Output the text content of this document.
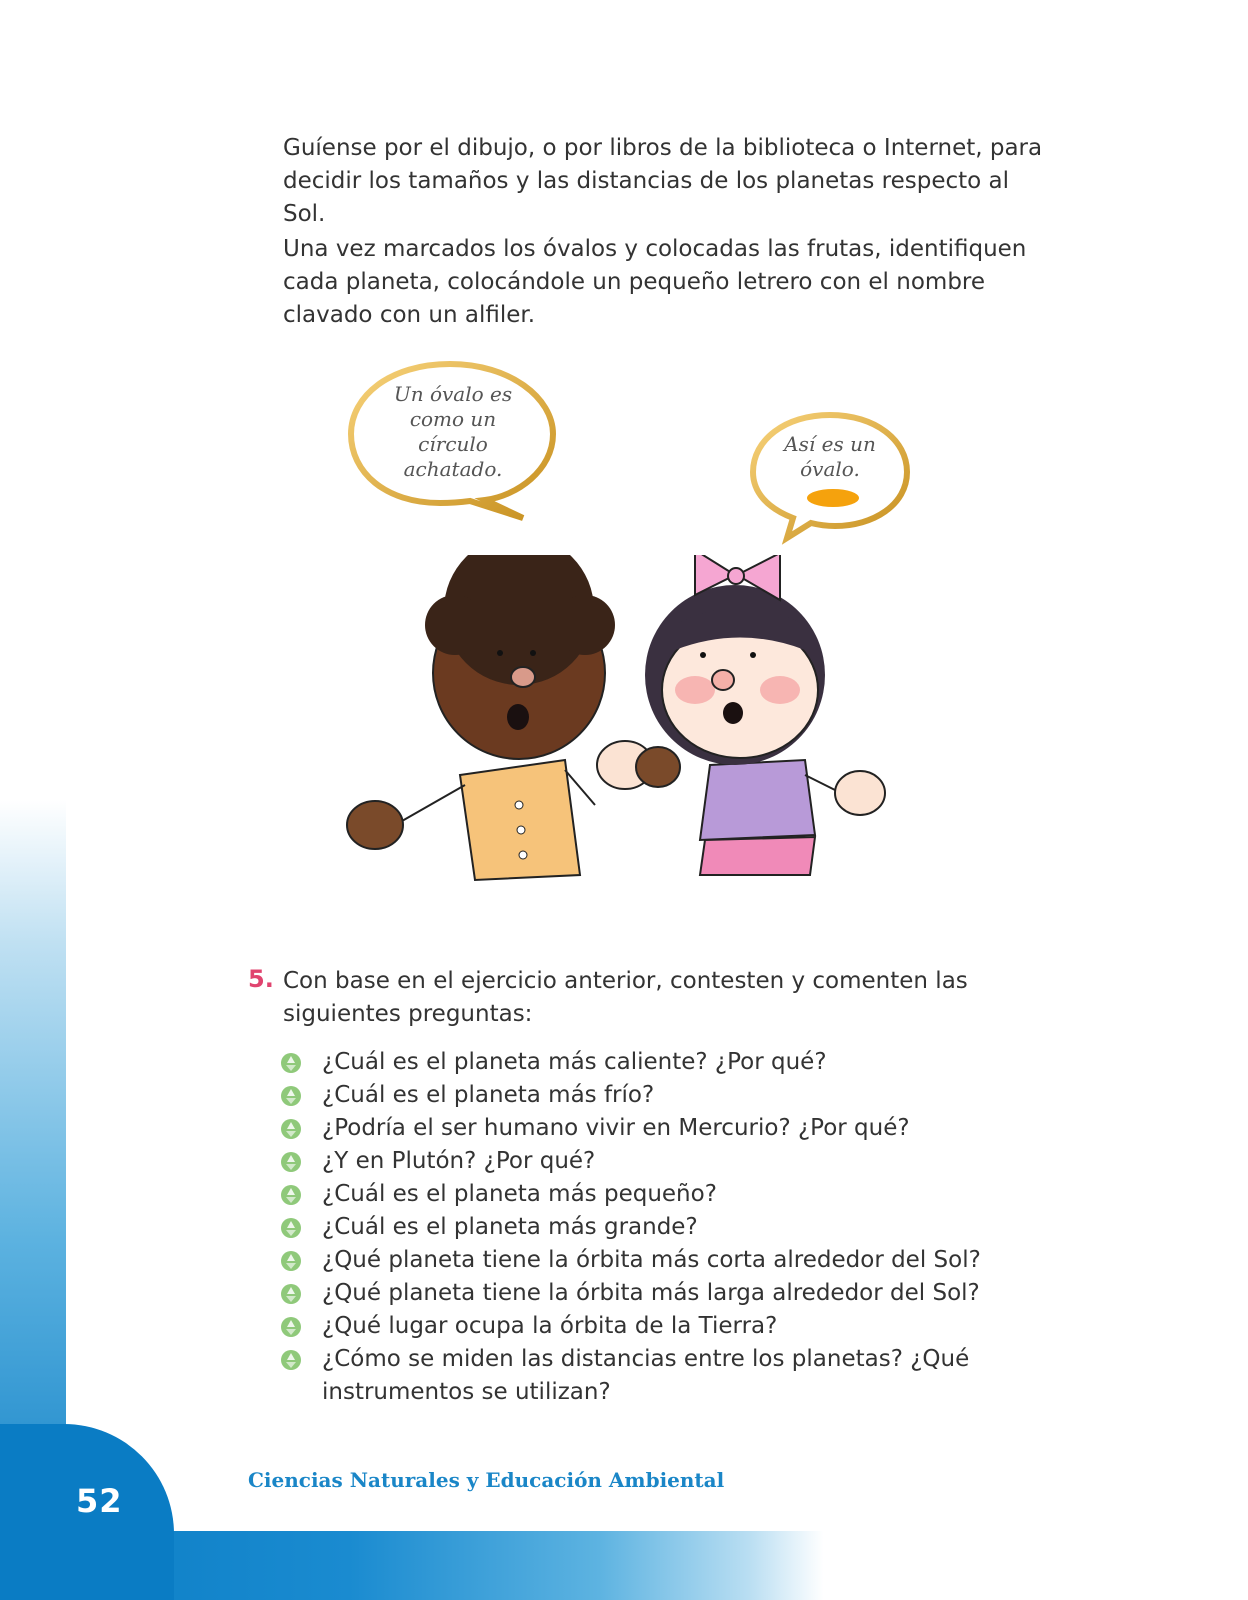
52
Ciencias Naturales y Educación Ambiental

Guíense por el dibujo, o por libros de la biblioteca o Internet, para decidir los tamaños y las distancias de los planetas respecto al Sol.

Una vez marcados los óvalos y colocadas las frutas, identifiquen cada planeta, colocándole un pequeño letrero con el nombre clavado con un alfiler.

Un óvalo es
como un
círculo
achatado.
Así es un
óvalo.
5. Con base en el ejercicio anterior, contesten y comenten las siguientes preguntas:

¿Cuál es el planeta más caliente? ¿Por qué?
¿Cuál es el planeta más frío?
¿Podría el ser humano vivir en Mercurio? ¿Por qué?
¿Y en Plutón? ¿Por qué?
¿Cuál es el planeta más pequeño?
¿Cuál es el planeta más grande?
¿Qué planeta tiene la órbita más corta alrededor del Sol?
¿Qué planeta tiene la órbita más larga alrededor del Sol?
¿Qué lugar ocupa la órbita de la Tierra?
¿Cómo se miden las distancias entre los planetas? ¿Qué instrumentos se utilizan?
